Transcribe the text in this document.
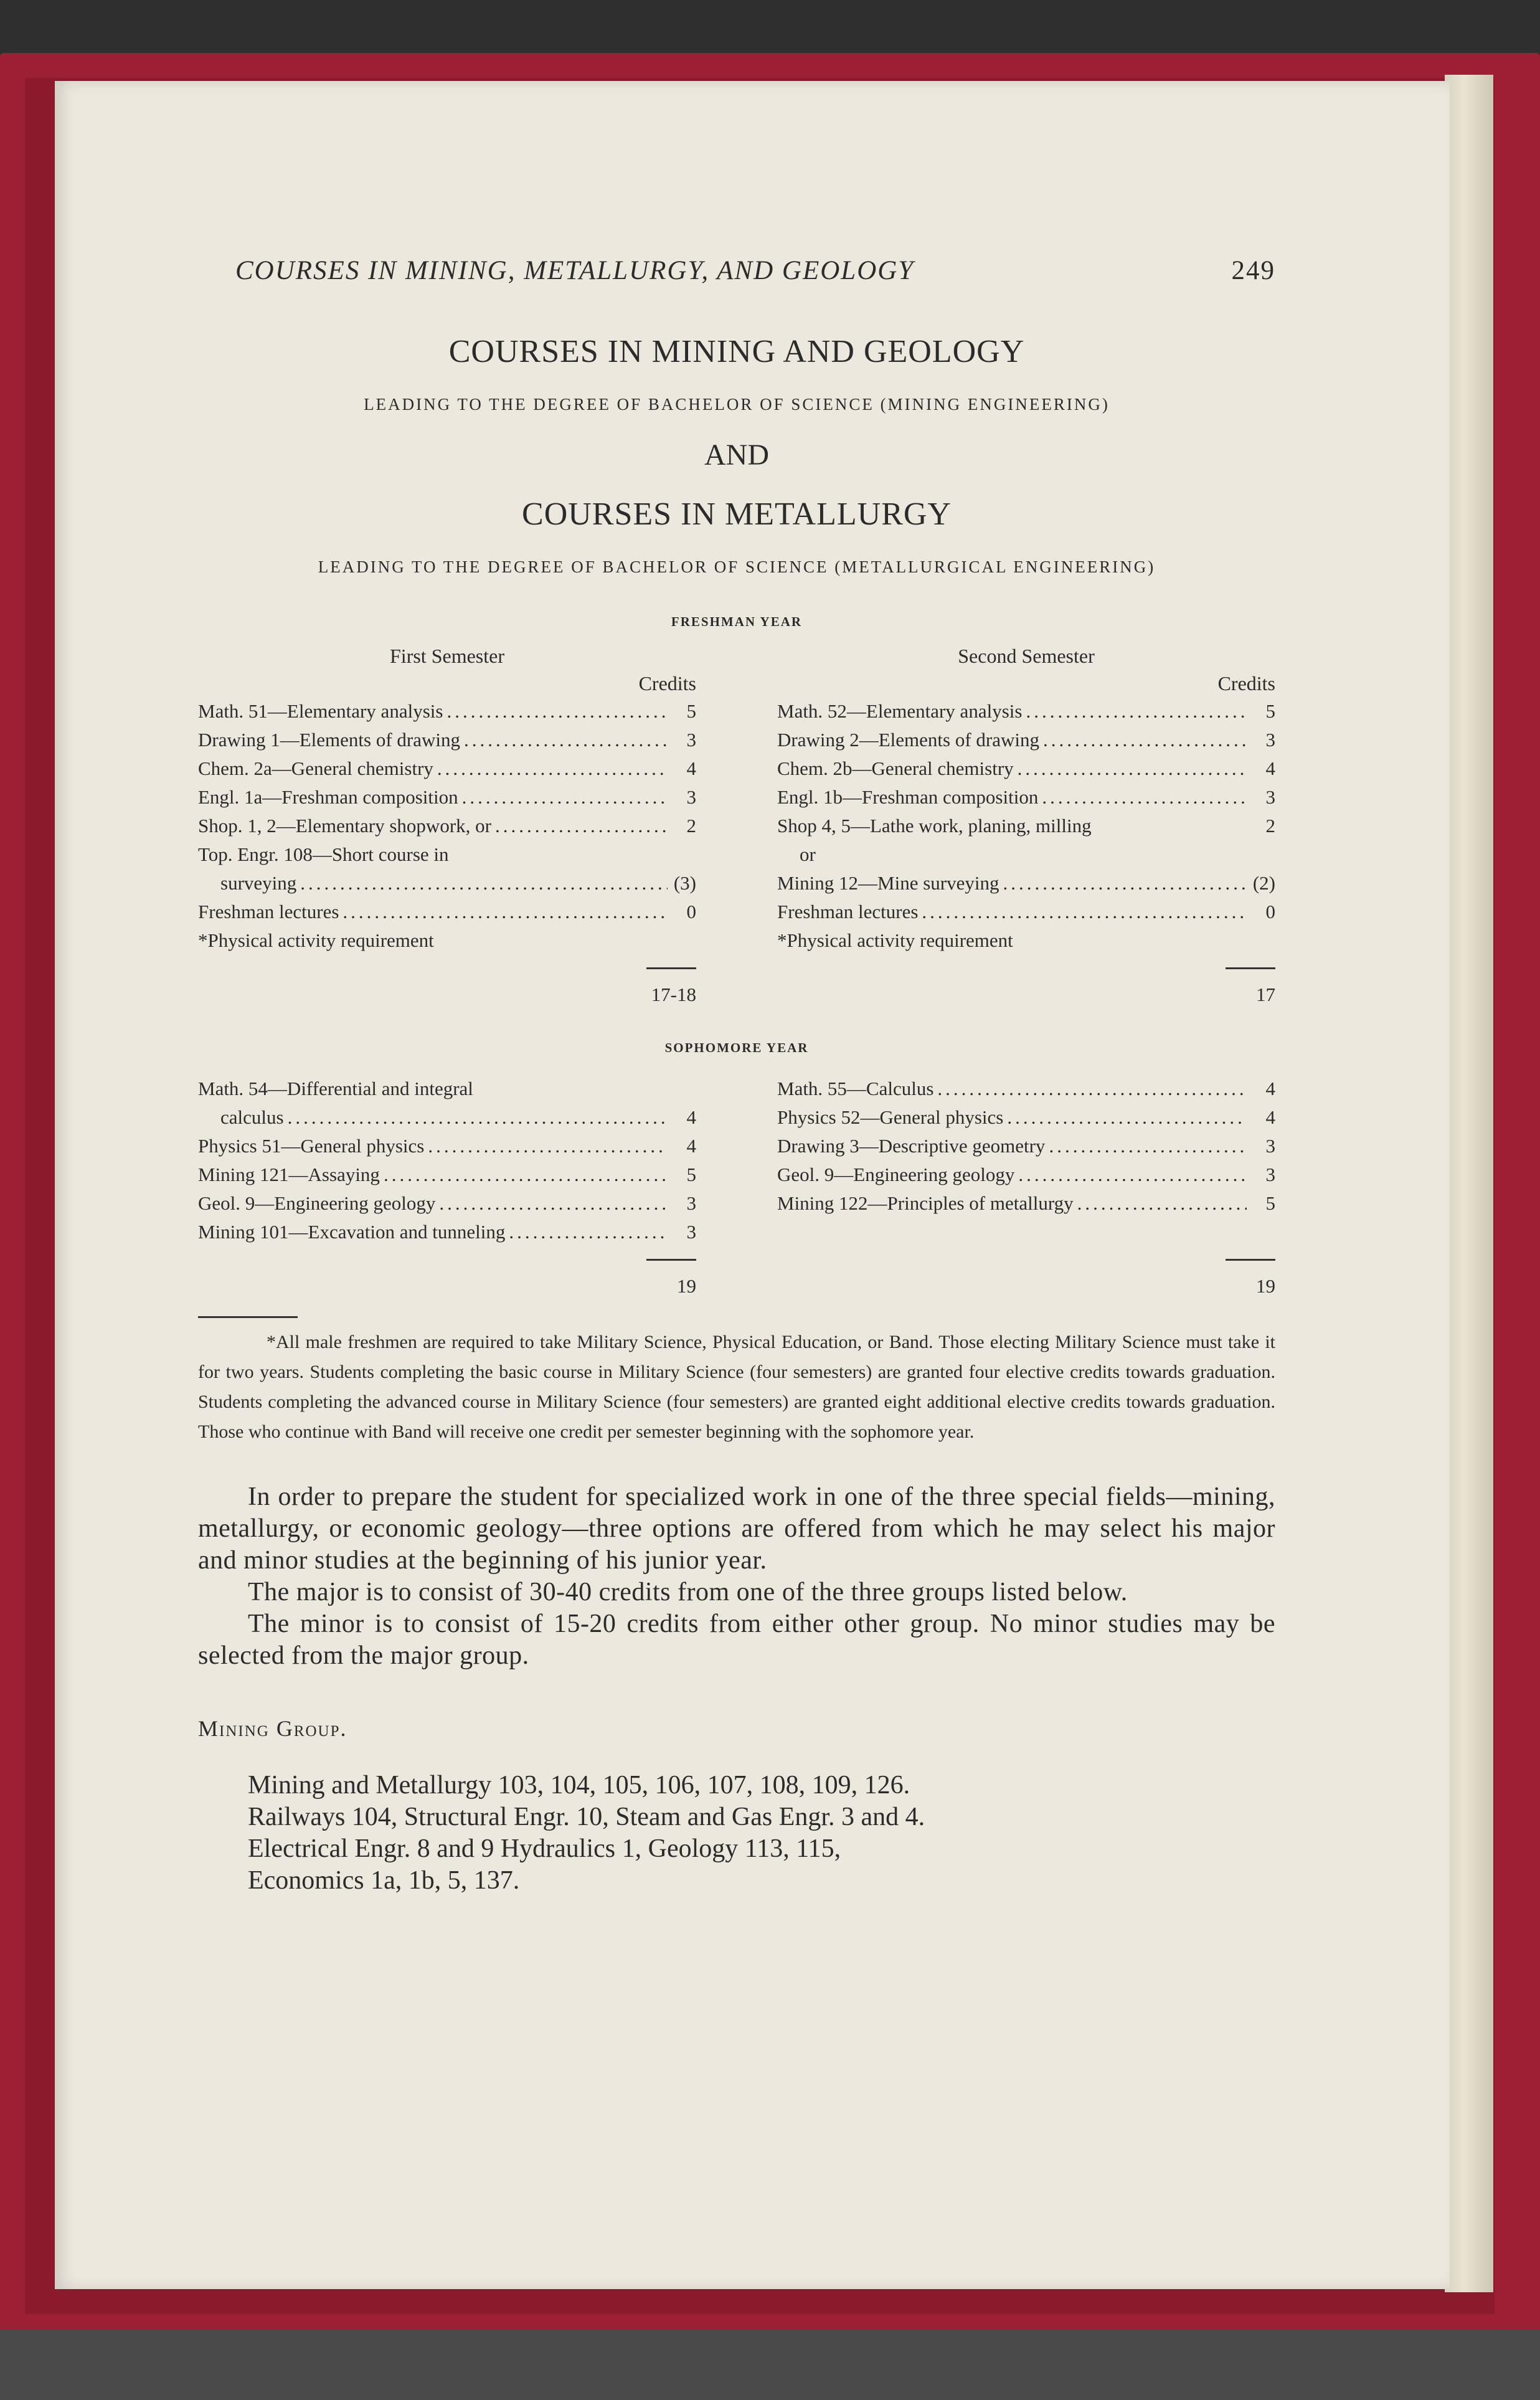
COURSES IN MINING, METALLURGY, AND GEOLOGY	249
COURSES IN MINING AND GEOLOGY
LEADING TO THE DEGREE OF BACHELOR OF SCIENCE (MINING ENGINEERING)
AND
COURSES IN METALLURGY
LEADING TO THE DEGREE OF BACHELOR OF SCIENCE (METALLURGICAL ENGINEERING)
FRESHMAN YEAR
First Semester
Credits
Math. 51—Elementary analysis .....	5
Drawing 1—Elements of drawing .....	3
Chem. 2a—General chemistry .....	4
Engl. 1a—Freshman composition .....	3
Shop. 1, 2—Elementary shopwork, or .....	2
Top. Engr. 108—Short course in
surveying .....	(3)
Freshman lectures .....	0
*Physical activity requirement
17-18
Second Semester
Credits
Math. 52—Elementary analysis .....	5
Drawing 2—Elements of drawing .....	3
Chem. 2b—General chemistry .....	4
Engl. 1b—Freshman composition .....	3
Shop 4, 5—Lathe work, planing, milling	2
or
Mining 12—Mine surveying .....	(2)
Freshman lectures .....	0
*Physical activity requirement
17
SOPHOMORE YEAR
Math. 54—Differential and integral
calculus .....	4
Physics 51—General physics .....	4
Mining 121—Assaying .....	5
Geol. 9—Engineering geology .....	3
Mining 101—Excavation and tunneling .....	3
19
Math. 55—Calculus .....	4
Physics 52—General physics .....	4
Drawing 3—Descriptive geometry .....	3
Geol. 9—Engineering geology .....	3
Mining 122—Principles of metallurgy .....	5
19
*All male freshmen are required to take Military Science, Physical Education, or Band. Those electing Military Science must take it for two years. Students completing the basic course in Military Science (four semesters) are granted four elective credits towards graduation. Students completing the advanced course in Military Science (four semesters) are granted eight additional elective credits towards graduation. Those who continue with Band will receive one credit per semester beginning with the sophomore year.

In order to prepare the student for specialized work in one of the three special fields—mining, metallurgy, or economic geology—three options are offered from which he may select his major and minor studies at the beginning of his junior year.

The major is to consist of 30-40 credits from one of the three groups listed below.

The minor is to consist of 15-20 credits from either other group. No minor studies may be selected from the major group.

Mining Group.
Mining and Metallurgy 103, 104, 105, 106, 107, 108, 109, 126.
Railways 104, Structural Engr. 10, Steam and Gas Engr. 3 and 4.
Electrical Engr. 8 and 9 Hydraulics 1, Geology 113, 115,
Economics 1a, 1b, 5, 137.
